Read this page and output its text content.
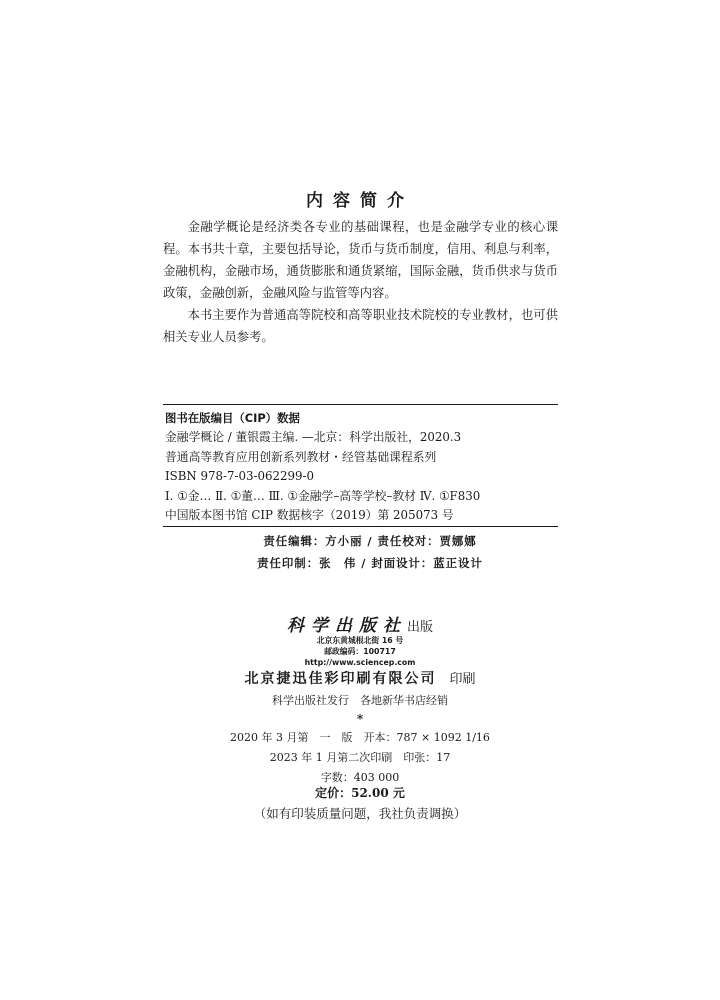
内容简介

金融学概论是经济类各专业的基础课程，也是金融学专业的核心课程。本书共十章，主要包括导论，货币与货币制度，信用、利息与利率，金融机构，金融市场，通货膨胀和通货紧缩，国际金融，货币供求与货币政策，金融创新，金融风险与监管等内容。

本书主要作为普通高等院校和高等职业技术院校的专业教材，也可供相关专业人员参考。

图书在版编目（CIP）数据
金融学概论 / 董银霞主编. —北京：科学出版社，2020.3
普通高等教育应用创新系列教材・经管基础课程系列
ISBN 978-7-03-062299-0
Ⅰ. ①金… Ⅱ. ①董… Ⅲ. ①金融学–高等学校–教材 Ⅳ. ①F830
中国版本图书馆 CIP 数据核字（2019）第 205073 号
责任编辑：方小丽 / 责任校对：贾娜娜
责任印制：张　伟 / 封面设计：蓝正设计
科学出版社出版
北京东黄城根北街 16 号
邮政编码：100717
http://www.sciencep.com
北京捷迅佳彩印刷有限公司　 印刷
科学出版社发行　各地新华书店经销
*
2020 年 3 月第　一　版　开本：787 × 1092 1/16
2023 年 1 月第二次印刷　印张：17
字数：403 000
定价：52.00 元
（如有印装质量问题，我社负责调换）
